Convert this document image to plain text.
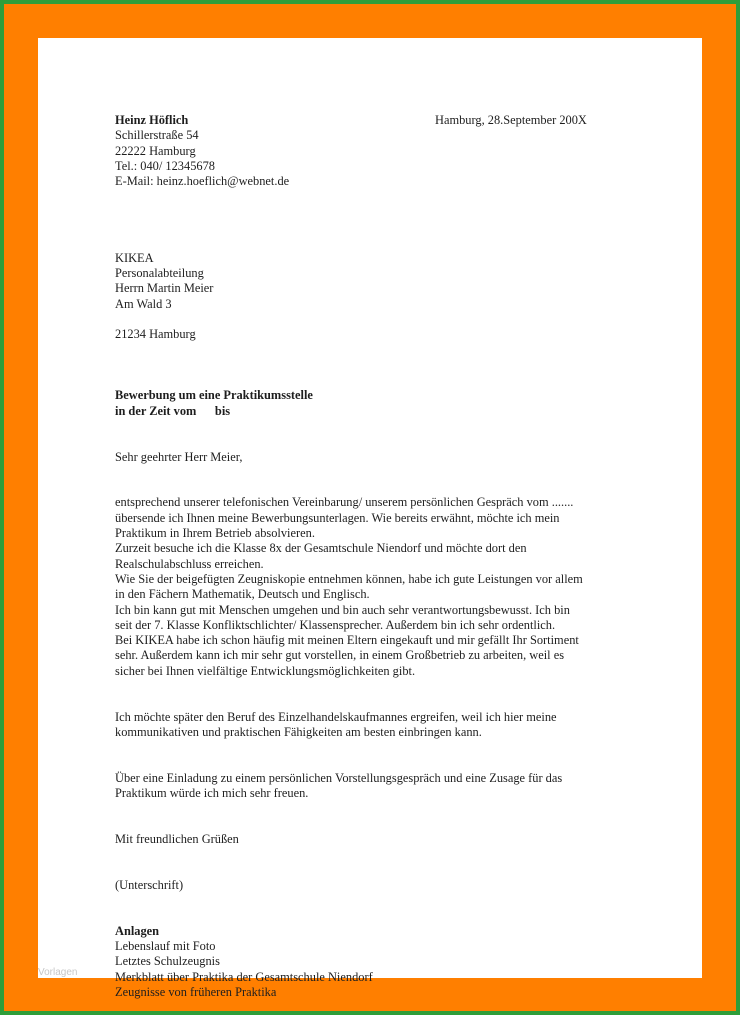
Hamburg, 28.September 200X
Heinz Höflich
Schillerstraße 54
22222 Hamburg
Tel.: 040/ 12345678
E-Mail: heinz.hoeflich@webnet.de
KIKEA
Personalabteilung
Herrn Martin Meier
Am Wald 3
21234 Hamburg
Bewerbung um eine Praktikumsstelle
in der Zeit vom      bis
Sehr geehrter Herr Meier,
entsprechend unserer telefonischen Vereinbarung/ unserem persönlichen Gespräch vom .......
übersende ich Ihnen meine Bewerbungsunterlagen. Wie bereits erwähnt, möchte ich mein
Praktikum in Ihrem Betrieb absolvieren.
Zurzeit besuche ich die Klasse 8x der Gesamtschule Niendorf und möchte dort den
Realschulabschluss erreichen.
Wie Sie der beigefügten Zeugniskopie entnehmen können, habe ich gute Leistungen vor allem
in den Fächern Mathematik, Deutsch und Englisch.
Ich bin kann gut mit Menschen umgehen und bin auch sehr verantwortungsbewusst. Ich bin
seit der 7. Klasse Konfliktschlichter/ Klassensprecher. Außerdem bin ich sehr ordentlich.
Bei KIKEA habe ich schon häufig mit meinen Eltern eingekauft und mir gefällt Ihr Sortiment
sehr. Außerdem kann ich mir sehr gut vorstellen, in einem Großbetrieb zu arbeiten, weil es
sicher bei Ihnen vielfältige Entwicklungsmöglichkeiten gibt.
Ich möchte später den Beruf des Einzelhandelskaufmannes ergreifen, weil ich hier meine
kommunikativen und praktischen Fähigkeiten am besten einbringen kann.
Über eine Einladung zu einem persönlichen Vorstellungsgespräch und eine Zusage für das
Praktikum würde ich mich sehr freuen.
Mit freundlichen Grüßen
(Unterschrift)
Anlagen
Lebenslauf mit Foto
Letztes Schulzeugnis
Merkblatt über Praktika der Gesamtschule Niendorf
Zeugnisse von früheren Praktika
Vorlagen
